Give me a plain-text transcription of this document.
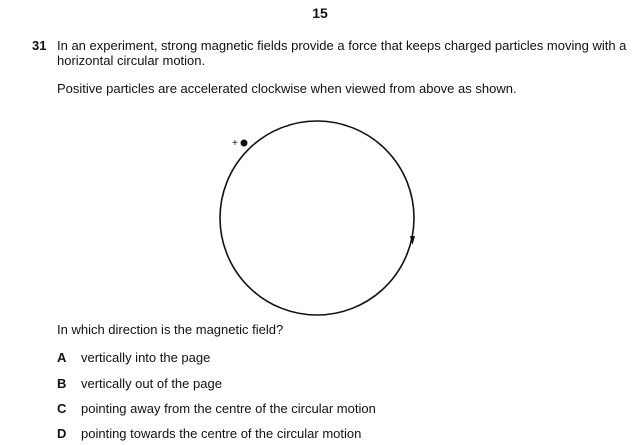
15
31 In an experiment, strong magnetic fields provide a force that keeps charged particles moving with a horizontal circular motion.
Positive particles are accelerated clockwise when viewed from above as shown.
+
In which direction is the magnetic field?
A vertically into the page
B vertically out of the page
C pointing away from the centre of the circular motion
D pointing towards the centre of the circular motion
